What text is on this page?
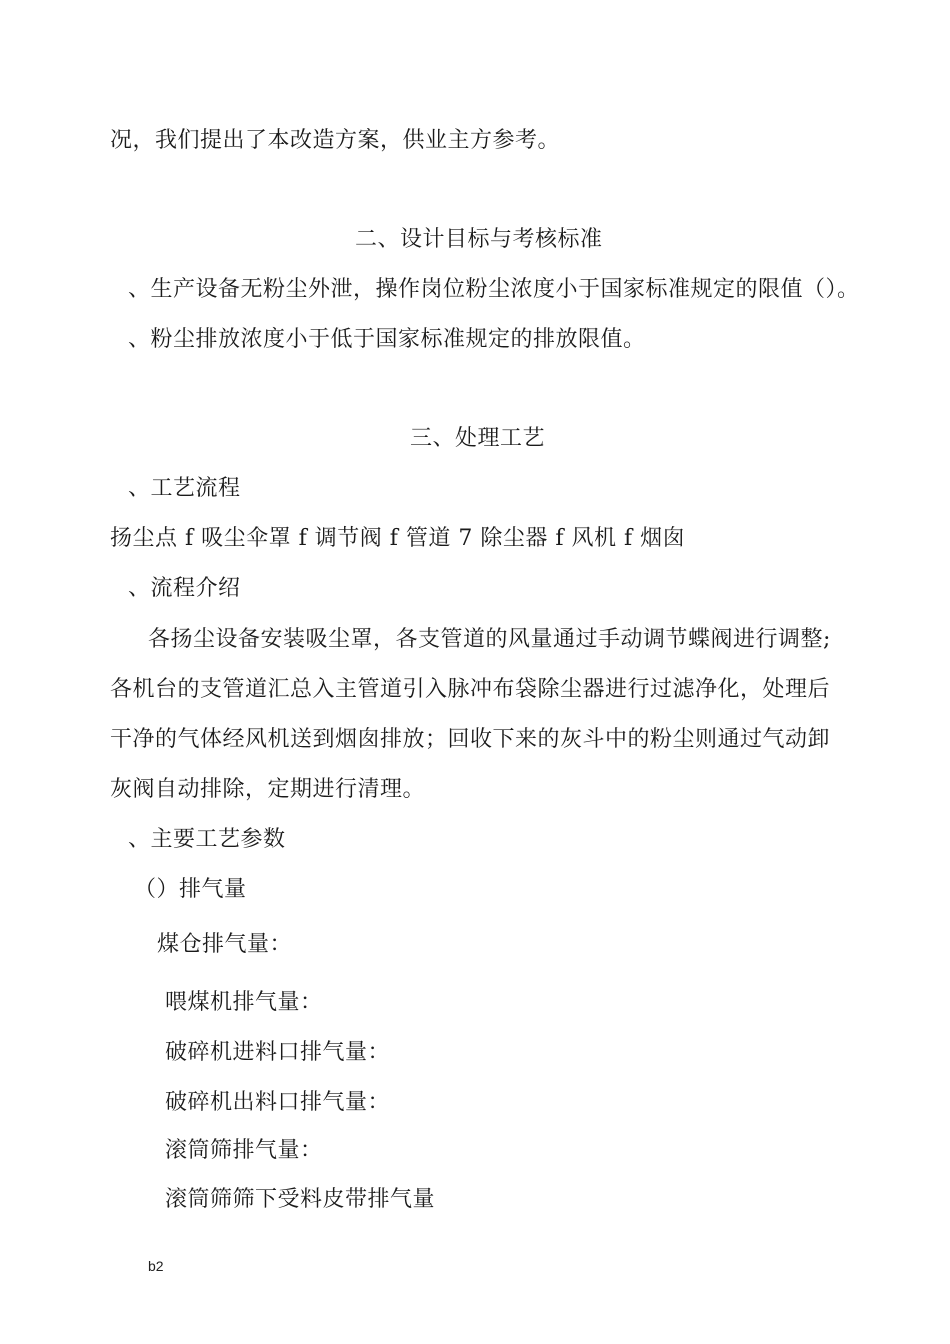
况，我们提出了本改造方案，供业主方参考。
二、设计目标与考核标准
、生产设备无粉尘外泄，操作岗位粉尘浓度小于国家标准规定的限值（）。
、粉尘排放浓度小于低于国家标准规定的排放限值。
三、处理工艺
、工艺流程
扬尘点 f 吸尘伞罩 f 调节阀 f 管道 7 除尘器 f 风机 f 烟囱
、流程介绍
各扬尘设备安装吸尘罩，各支管道的风量通过手动调节蝶阀进行调整;
各机台的支管道汇总入主管道引入脉冲布袋除尘器进行过滤净化，处理后
干净的气体经风机送到烟囱排放；回收下来的灰斗中的粉尘则通过气动卸
灰阀自动排除，定期进行清理。
、主要工艺参数
（）排气量
煤仓排气量：
喂煤机排气量：
破碎机进料口排气量：
破碎机出料口排气量：
滚筒筛排气量：
滚筒筛筛下受料皮带排气量
b2
